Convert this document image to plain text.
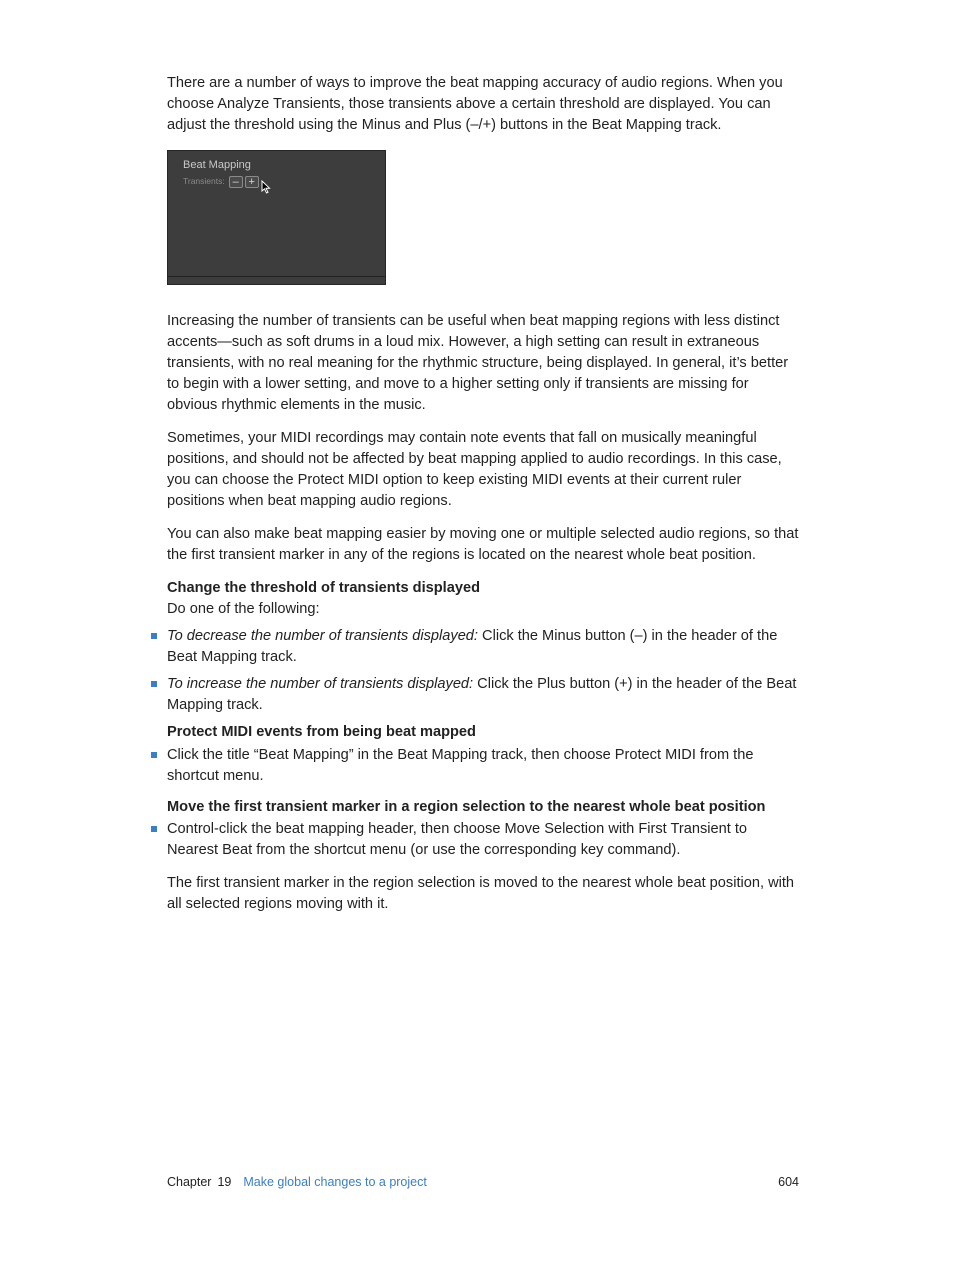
There are a number of ways to improve the beat mapping accuracy of audio regions. When you choose Analyze Transients, those transients above a certain threshold are displayed. You can adjust the threshold using the Minus and Plus (–/+) buttons in the Beat Mapping track.

Beat Mapping
Transients: – +

Increasing the number of transients can be useful when beat mapping regions with less distinct accents—such as soft drums in a loud mix. However, a high setting can result in extraneous transients, with no real meaning for the rhythmic structure, being displayed. In general, it’s better to begin with a lower setting, and move to a higher setting only if transients are missing for obvious rhythmic elements in the music.

Sometimes, your MIDI recordings may contain note events that fall on musically meaningful positions, and should not be affected by beat mapping applied to audio recordings. In this case, you can choose the Protect MIDI option to keep existing MIDI events at their current ruler positions when beat mapping audio regions.

You can also make beat mapping easier by moving one or multiple selected audio regions, so that the first transient marker in any of the regions is located on the nearest whole beat position.

Change the threshold of transients displayed

Do one of the following:

To decrease the number of transients displayed: Click the Minus button (–) in the header of the Beat Mapping track.
To increase the number of transients displayed: Click the Plus button (+) in the header of the Beat Mapping track.

Protect MIDI events from being beat mapped

Click the title “Beat Mapping” in the Beat Mapping track, then choose Protect MIDI from the shortcut menu.

Move the first transient marker in a region selection to the nearest whole beat position

Control-click the beat mapping header, then choose Move Selection with First Transient to Nearest Beat from the shortcut menu (or use the corresponding key command).

The first transient marker in the region selection is moved to the nearest whole beat position, with all selected regions moving with it.

Chapter 19 Make global changes to a project	604
